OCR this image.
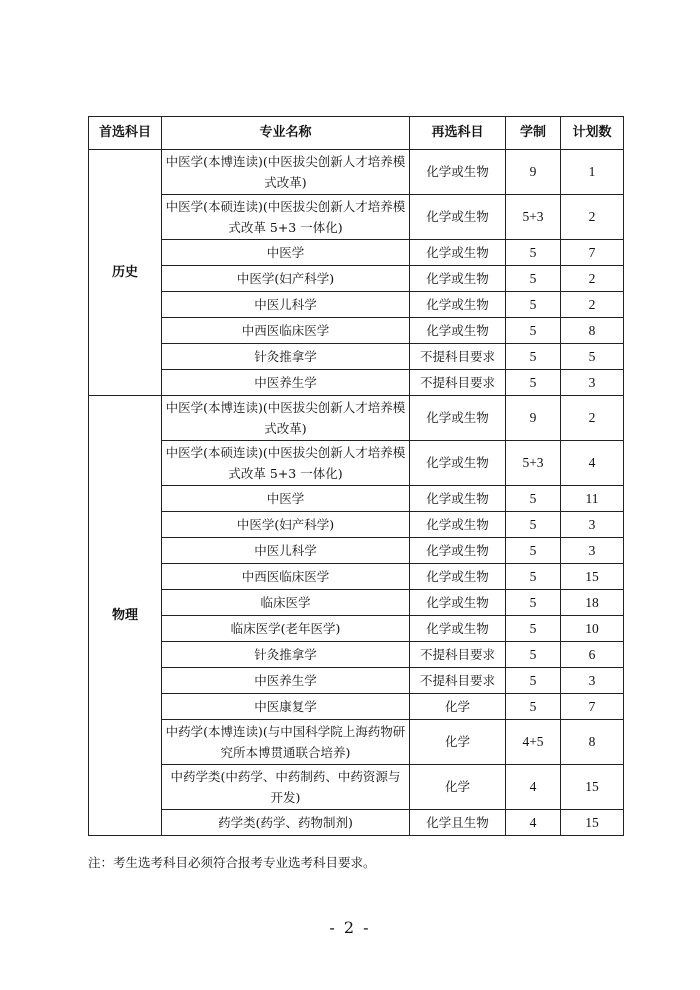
首选科目	专业名称	再选科目	学制	计划数
历史	中医学(本博连读)(中医拔尖创新人才培养模式改革)	化学或生物	9	1
	中医学(本硕连读)(中医拔尖创新人才培养模式改革 5+3 一体化)	化学或生物	5+3	2
	中医学	化学或生物	5	7
	中医学(妇产科学)	化学或生物	5	2
	中医儿科学	化学或生物	5	2
	中西医临床医学	化学或生物	5	8
	针灸推拿学	不提科目要求	5	5
	中医养生学	不提科目要求	5	3
物理	中医学(本博连读)(中医拔尖创新人才培养模式改革)	化学或生物	9	2
	中医学(本硕连读)(中医拔尖创新人才培养模式改革 5+3 一体化)	化学或生物	5+3	4
	中医学	化学或生物	5	11
	中医学(妇产科学)	化学或生物	5	3
	中医儿科学	化学或生物	5	3
	中西医临床医学	化学或生物	5	15
	临床医学	化学或生物	5	18
	临床医学(老年医学)	化学或生物	5	10
	针灸推拿学	不提科目要求	5	6
	中医养生学	不提科目要求	5	3
	中医康复学	化学	5	7
	中药学(本博连读)(与中国科学院上海药物研究所本博贯通联合培养)	化学	4+5	8
	中药学类(中药学、中药制药、中药资源与开发)	化学	4	15
	药学类(药学、药物制剂)	化学且生物	4	15
注：考生选考科目必须符合报考专业选考科目要求。
- 2 -
